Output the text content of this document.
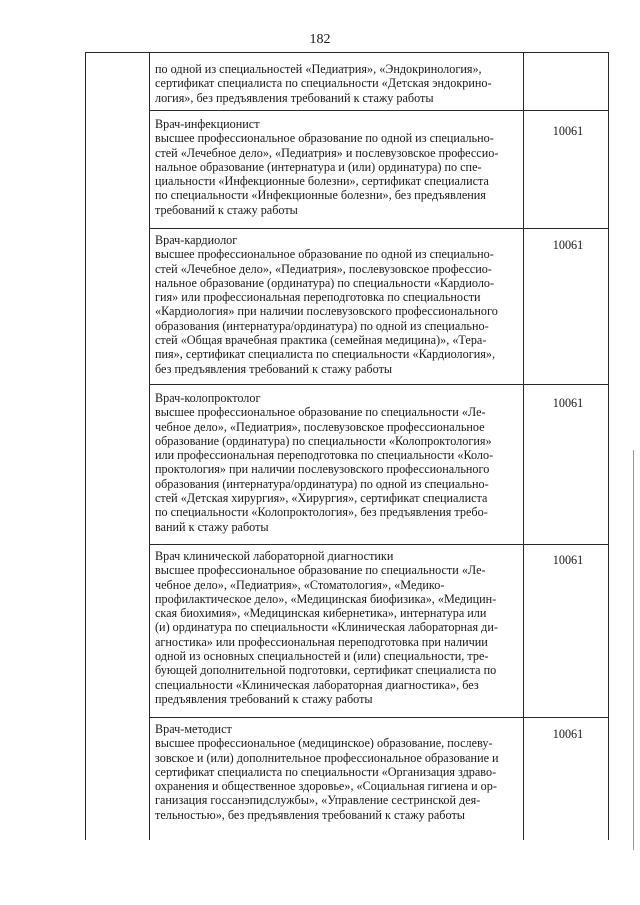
182
по одной из специальностей «Педиатрия», «Эндокринология»,
сертификат специалиста по специальности «Детская эндокрино-
логия», без предъявления требований к стажу работы
10061
Врач-инфекционист
высшее профессиональное образование по одной из специально-
стей «Лечебное дело», «Педиатрия» и послевузовское профессио-
нальное образование (интернатура и (или) ординатура) по спе-
циальности «Инфекционные болезни», сертификат специалиста
по специальности «Инфекционные болезни», без предъявления
требований к стажу работы
10061
Врач-кардиолог
высшее профессиональное образование по одной из специально-
стей «Лечебное дело», «Педиатрия», послевузовское профессио-
нальное образование (ординатура) по специальности «Кардиоло-
гия» или профессиональная переподготовка по специальности
«Кардиология» при наличии послевузовского профессионального
образования (интернатура/ординатура) по одной из специально-
стей «Общая врачебная практика (семейная медицина)», «Тера-
пия», сертификат специалиста по специальности «Кардиология»,
без предъявления требований к стажу работы
10061
Врач-колопроктолог
высшее профессиональное образование по специальности «Ле-
чебное дело», «Педиатрия», послевузовское профессиональное
образование (ординатура) по специальности «Колопроктология»
или профессиональная переподготовка по специальности «Коло-
проктология» при наличии послевузовского профессионального
образования (интернатура/ординатура) по одной из специально-
стей «Детская хирургия», «Хирургия», сертификат специалиста
по специальности «Колопроктология», без предъявления требо-
ваний к стажу работы
10061
Врач клинической лабораторной диагностики
высшее профессиональное образование по специальности «Ле-
чебное дело», «Педиатрия», «Стоматология», «Медико-
профилактическое дело», «Медицинская биофизика», «Медицин-
ская биохимия», «Медицинская кибернетика», интернатура или
(и) ординатура по специальности «Клиническая лабораторная ди-
агностика» или профессиональная переподготовка при наличии
одной из основных специальностей и (или) специальности, тре-
бующей дополнительной подготовки, сертификат специалиста по
специальности «Клиническая лабораторная диагностика», без
предъявления требований к стажу работы
10061
Врач-методист
высшее профессиональное (медицинское) образование, послеву-
зовское и (или) дополнительное профессиональное образование и
сертификат специалиста по специальности «Организация здраво-
охранения и общественное здоровье», «Социальная гигиена и ор-
ганизация госсанэпидслужбы», «Управление сестринской дея-
тельностью», без предъявления требований к стажу работы
